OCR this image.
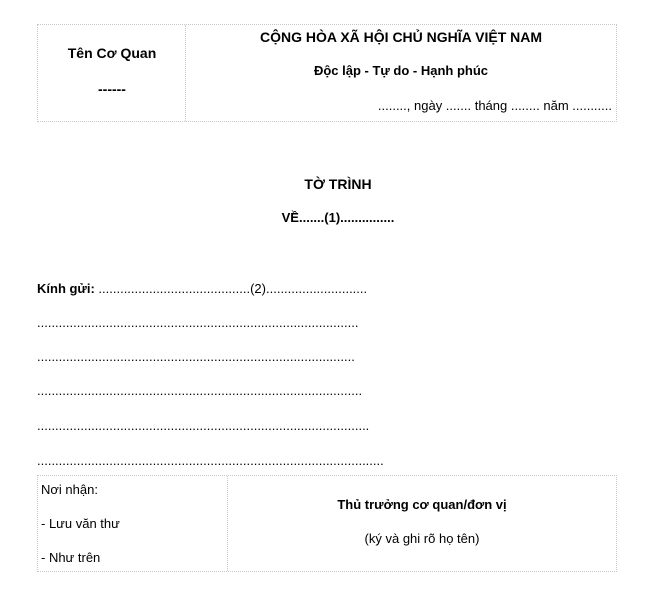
Tên Cơ Quan
------
CỘNG HÒA XÃ HỘI CHỦ NGHĨA VIỆT NAM
Độc lập - Tự do - Hạnh phúc
........, ngày ....... tháng ........ năm ...........
TỜ TRÌNH
VỀ.......(1)...............
Kính gửi: ..........................................(2)............................
.........................................................................................
........................................................................................
..........................................................................................
............................................................................................
................................................................................................
Nơi nhận:
- Lưu văn thư
- Như trên
Thủ trưởng cơ quan/đơn vị
(ký và ghi rõ họ tên)
